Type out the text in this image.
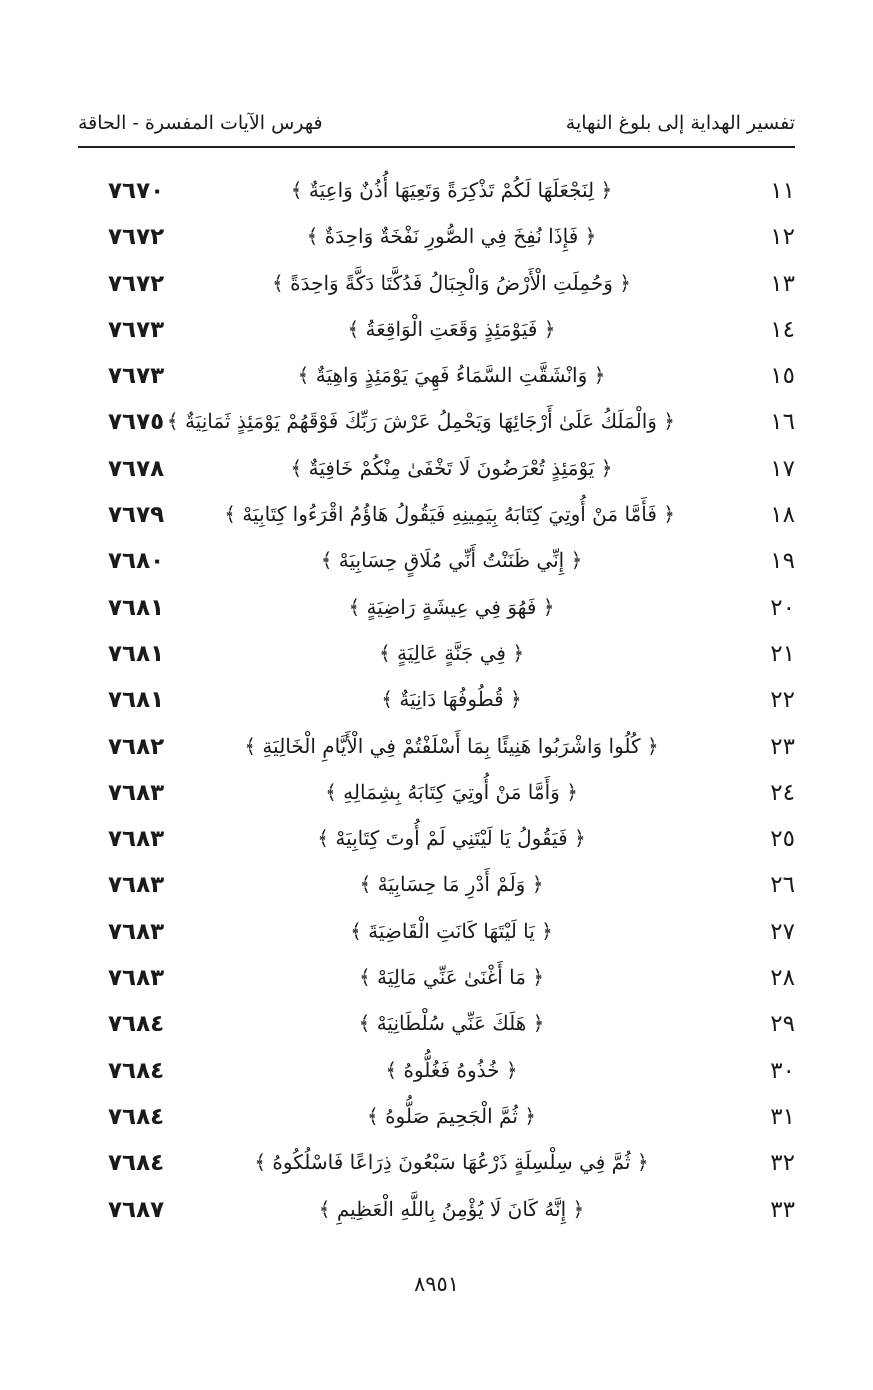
تفسير الهداية إلى بلوغ النهاية
فهرس الآيات المفسرة - الحاقة
١١
﴿ لِنَجْعَلَهَا لَكُمْ تَذْكِرَةً وَتَعِيَهَا أُذُنٌ وَاعِيَةٌ ﴾
٧٦٧٠
١٢
﴿ فَإِذَا نُفِخَ فِي الصُّورِ نَفْخَةٌ وَاحِدَةٌ ﴾
٧٦٧٢
١٣
﴿ وَحُمِلَتِ الْأَرْضُ وَالْجِبَالُ فَدُكَّتَا دَكَّةً وَاحِدَةً ﴾
٧٦٧٢
١٤
﴿ فَيَوْمَئِذٍ وَقَعَتِ الْوَاقِعَةُ ﴾
٧٦٧٣
١٥
﴿ وَانْشَقَّتِ السَّمَاءُ فَهِيَ يَوْمَئِذٍ وَاهِيَةٌ ﴾
٧٦٧٣
١٦
﴿ وَالْمَلَكُ عَلَىٰ أَرْجَائِهَا وَيَحْمِلُ عَرْشَ رَبِّكَ فَوْقَهُمْ يَوْمَئِذٍ ثَمَانِيَةٌ ﴾
٧٦٧٥
١٧
﴿ يَوْمَئِذٍ تُعْرَضُونَ لَا تَخْفَىٰ مِنْكُمْ خَافِيَةٌ ﴾
٧٦٧٨
١٨
﴿ فَأَمَّا مَنْ أُوتِيَ كِتَابَهُ بِيَمِينِهِ فَيَقُولُ هَاؤُمُ اقْرَءُوا كِتَابِيَهْ ﴾
٧٦٧٩
١٩
﴿ إِنِّي ظَنَنْتُ أَنِّي مُلَاقٍ حِسَابِيَهْ ﴾
٧٦٨٠
٢٠
﴿ فَهُوَ فِي عِيشَةٍ رَاضِيَةٍ ﴾
٧٦٨١
٢١
﴿ فِي جَنَّةٍ عَالِيَةٍ ﴾
٧٦٨١
٢٢
﴿ قُطُوفُهَا دَانِيَةٌ ﴾
٧٦٨١
٢٣
﴿ كُلُوا وَاشْرَبُوا هَنِيئًا بِمَا أَسْلَفْتُمْ فِي الْأَيَّامِ الْخَالِيَةِ ﴾
٧٦٨٢
٢٤
﴿ وَأَمَّا مَنْ أُوتِيَ كِتَابَهُ بِشِمَالِهِ ﴾
٧٦٨٣
٢٥
﴿ فَيَقُولُ يَا لَيْتَنِي لَمْ أُوتَ كِتَابِيَهْ ﴾
٧٦٨٣
٢٦
﴿ وَلَمْ أَدْرِ مَا حِسَابِيَهْ ﴾
٧٦٨٣
٢٧
﴿ يَا لَيْتَهَا كَانَتِ الْقَاضِيَةَ ﴾
٧٦٨٣
٢٨
﴿ مَا أَغْنَىٰ عَنِّي مَالِيَهْ ﴾
٧٦٨٣
٢٩
﴿ هَلَكَ عَنِّي سُلْطَانِيَهْ ﴾
٧٦٨٤
٣٠
﴿ خُذُوهُ فَغُلُّوهُ ﴾
٧٦٨٤
٣١
﴿ ثُمَّ الْجَحِيمَ صَلُّوهُ ﴾
٧٦٨٤
٣٢
﴿ ثُمَّ فِي سِلْسِلَةٍ ذَرْعُهَا سَبْعُونَ ذِرَاعًا فَاسْلُكُوهُ ﴾
٧٦٨٤
٣٣
﴿ إِنَّهُ كَانَ لَا يُؤْمِنُ بِاللَّهِ الْعَظِيمِ ﴾
٧٦٨٧
٨٩٥١
